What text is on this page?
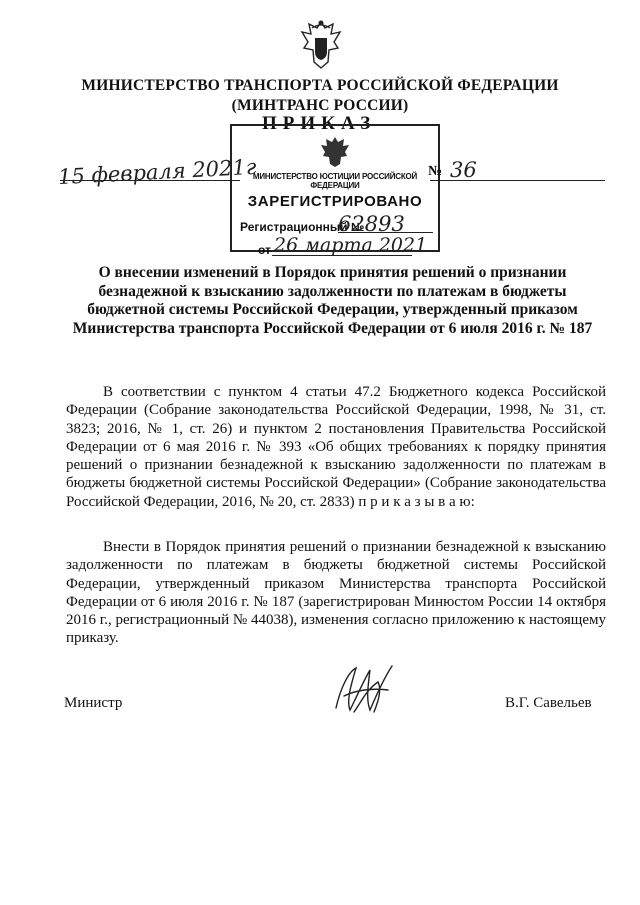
МИНИСТЕРСТВО ТРАНСПОРТА РОССИЙСКОЙ ФЕДЕРАЦИИ
(МИНТРАНС РОССИИ)
ПРИКАЗ
МИНИСТЕРСТВО ЮСТИЦИИ РОССИЙСКОЙ ФЕДЕРАЦИИ
ЗАРЕГИСТРИРОВАНО
Регистрационный №
62893
от 26 марта 2021
15 февраля 2021г	№ 36
О внесении изменений в Порядок принятия решений о признании безнадежной к взысканию задолженности по платежам в бюджеты бюджетной системы Российской Федерации, утвержденный приказом Министерства транспорта Российской Федерации от 6 июля 2016 г. № 187

В соответствии с пунктом 4 статьи 47.2 Бюджетного кодекса Российской Федерации (Собрание законодательства Российской Федерации, 1998, № 31, ст. 3823; 2016, № 1, ст. 26) и пунктом 2 постановления Правительства Российской Федерации от 6 мая 2016 г. № 393 «Об общих требованиях к порядку принятия решений о признании безнадежной к взысканию задолженности по платежам в бюджеты бюджетной системы Российской Федерации» (Собрание законодательства Российской Федерации, 2016, № 20, ст. 2833) п р и к а з ы в а ю:

Внести в Порядок принятия решений о признании безнадежной к взысканию задолженности по платежам в бюджеты бюджетной системы Российской Федерации, утвержденный приказом Министерства транспорта Российской Федерации от 6 июля 2016 г. № 187 (зарегистрирован Минюстом России 14 октября 2016 г., регистрационный № 44038), изменения согласно приложению к настоящему приказу.

Министр	В.Г. Савельев
